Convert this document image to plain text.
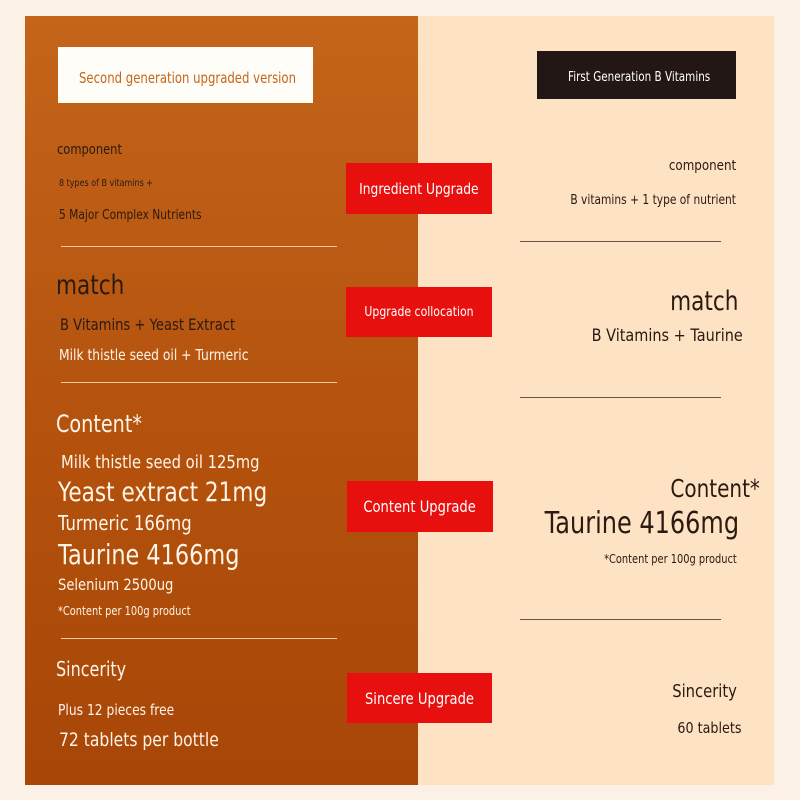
Second generation upgraded version	First Generation B Vitamins
component
8 types of B vitamins +
5 Major Complex Nutrients
match
B Vitamins + Yeast Extract
Milk thistle seed oil + Turmeric
Content*
Milk thistle seed oil 125mg
Yeast extract 21mg
Turmeric 166mg
Taurine 4166mg
Selenium 2500ug
*Content per 100g product
Sincerity
Plus 12 pieces free
72 tablets per bottle
Ingredient Upgrade
Upgrade collocation
Content Upgrade
Sincere Upgrade
component
B vitamins + 1 type of nutrient
match
B Vitamins + Taurine
Content*
Taurine 4166mg
*Content per 100g product
Sincerity
60 tablets
